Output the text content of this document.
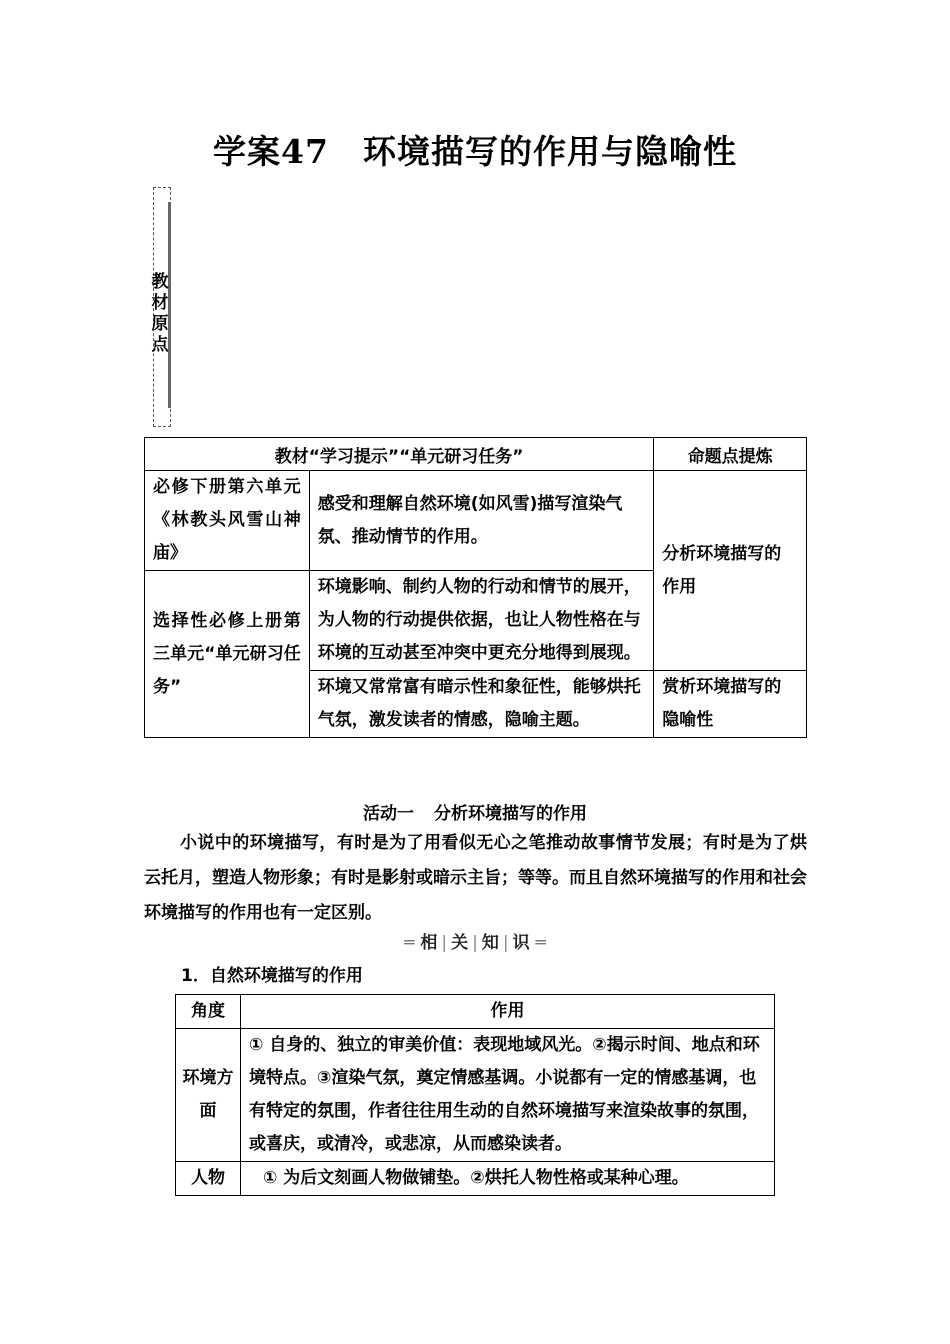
学案47 环境描写的作用与隐喻性
教材原点
教材“学习提示”“单元研习任务”		命题点提炼
必修下册第六单元《林教头风雪山神庙》	感受和理解自然环境(如风雪)描写渲染气氛、推动情节的作用。	分析环境描写的作用
选择性必修上册第三单元“单元研习任务”	环境影响、制约人物的行动和情节的展开，为人物的行动提供依据，也让人物性格在与环境的互动甚至冲突中更充分地得到展现。	
	环境又常常富有暗示性和象征性，能够烘托气氛，激发读者的情感，隐喻主题。	赏析环境描写的隐喻性
活动一 分析环境描写的作用

小说中的环境描写，有时是为了用看似无心之笔推动故事情节发展；有时是为了烘云托月，塑造人物形象；有时是影射或暗示主旨；等等。而且自然环境描写的作用和社会环境描写的作用也有一定区别。

═ 相 | 关 | 知 | 识 ═
1．自然环境描写的作用
角度	作用
环境方面	① 自身的、独立的审美价值：表现地域风光。②揭示时间、地点和环境特点。③渲染气氛，奠定情感基调。小说都有一定的情感基调，也有特定的氛围，作者往往用生动的自然环境描写来渲染故事的氛围，或喜庆，或清冷，或悲凉，从而感染读者。
人物	① 为后文刻画人物做铺垫。②烘托人物性格或某种心理。
